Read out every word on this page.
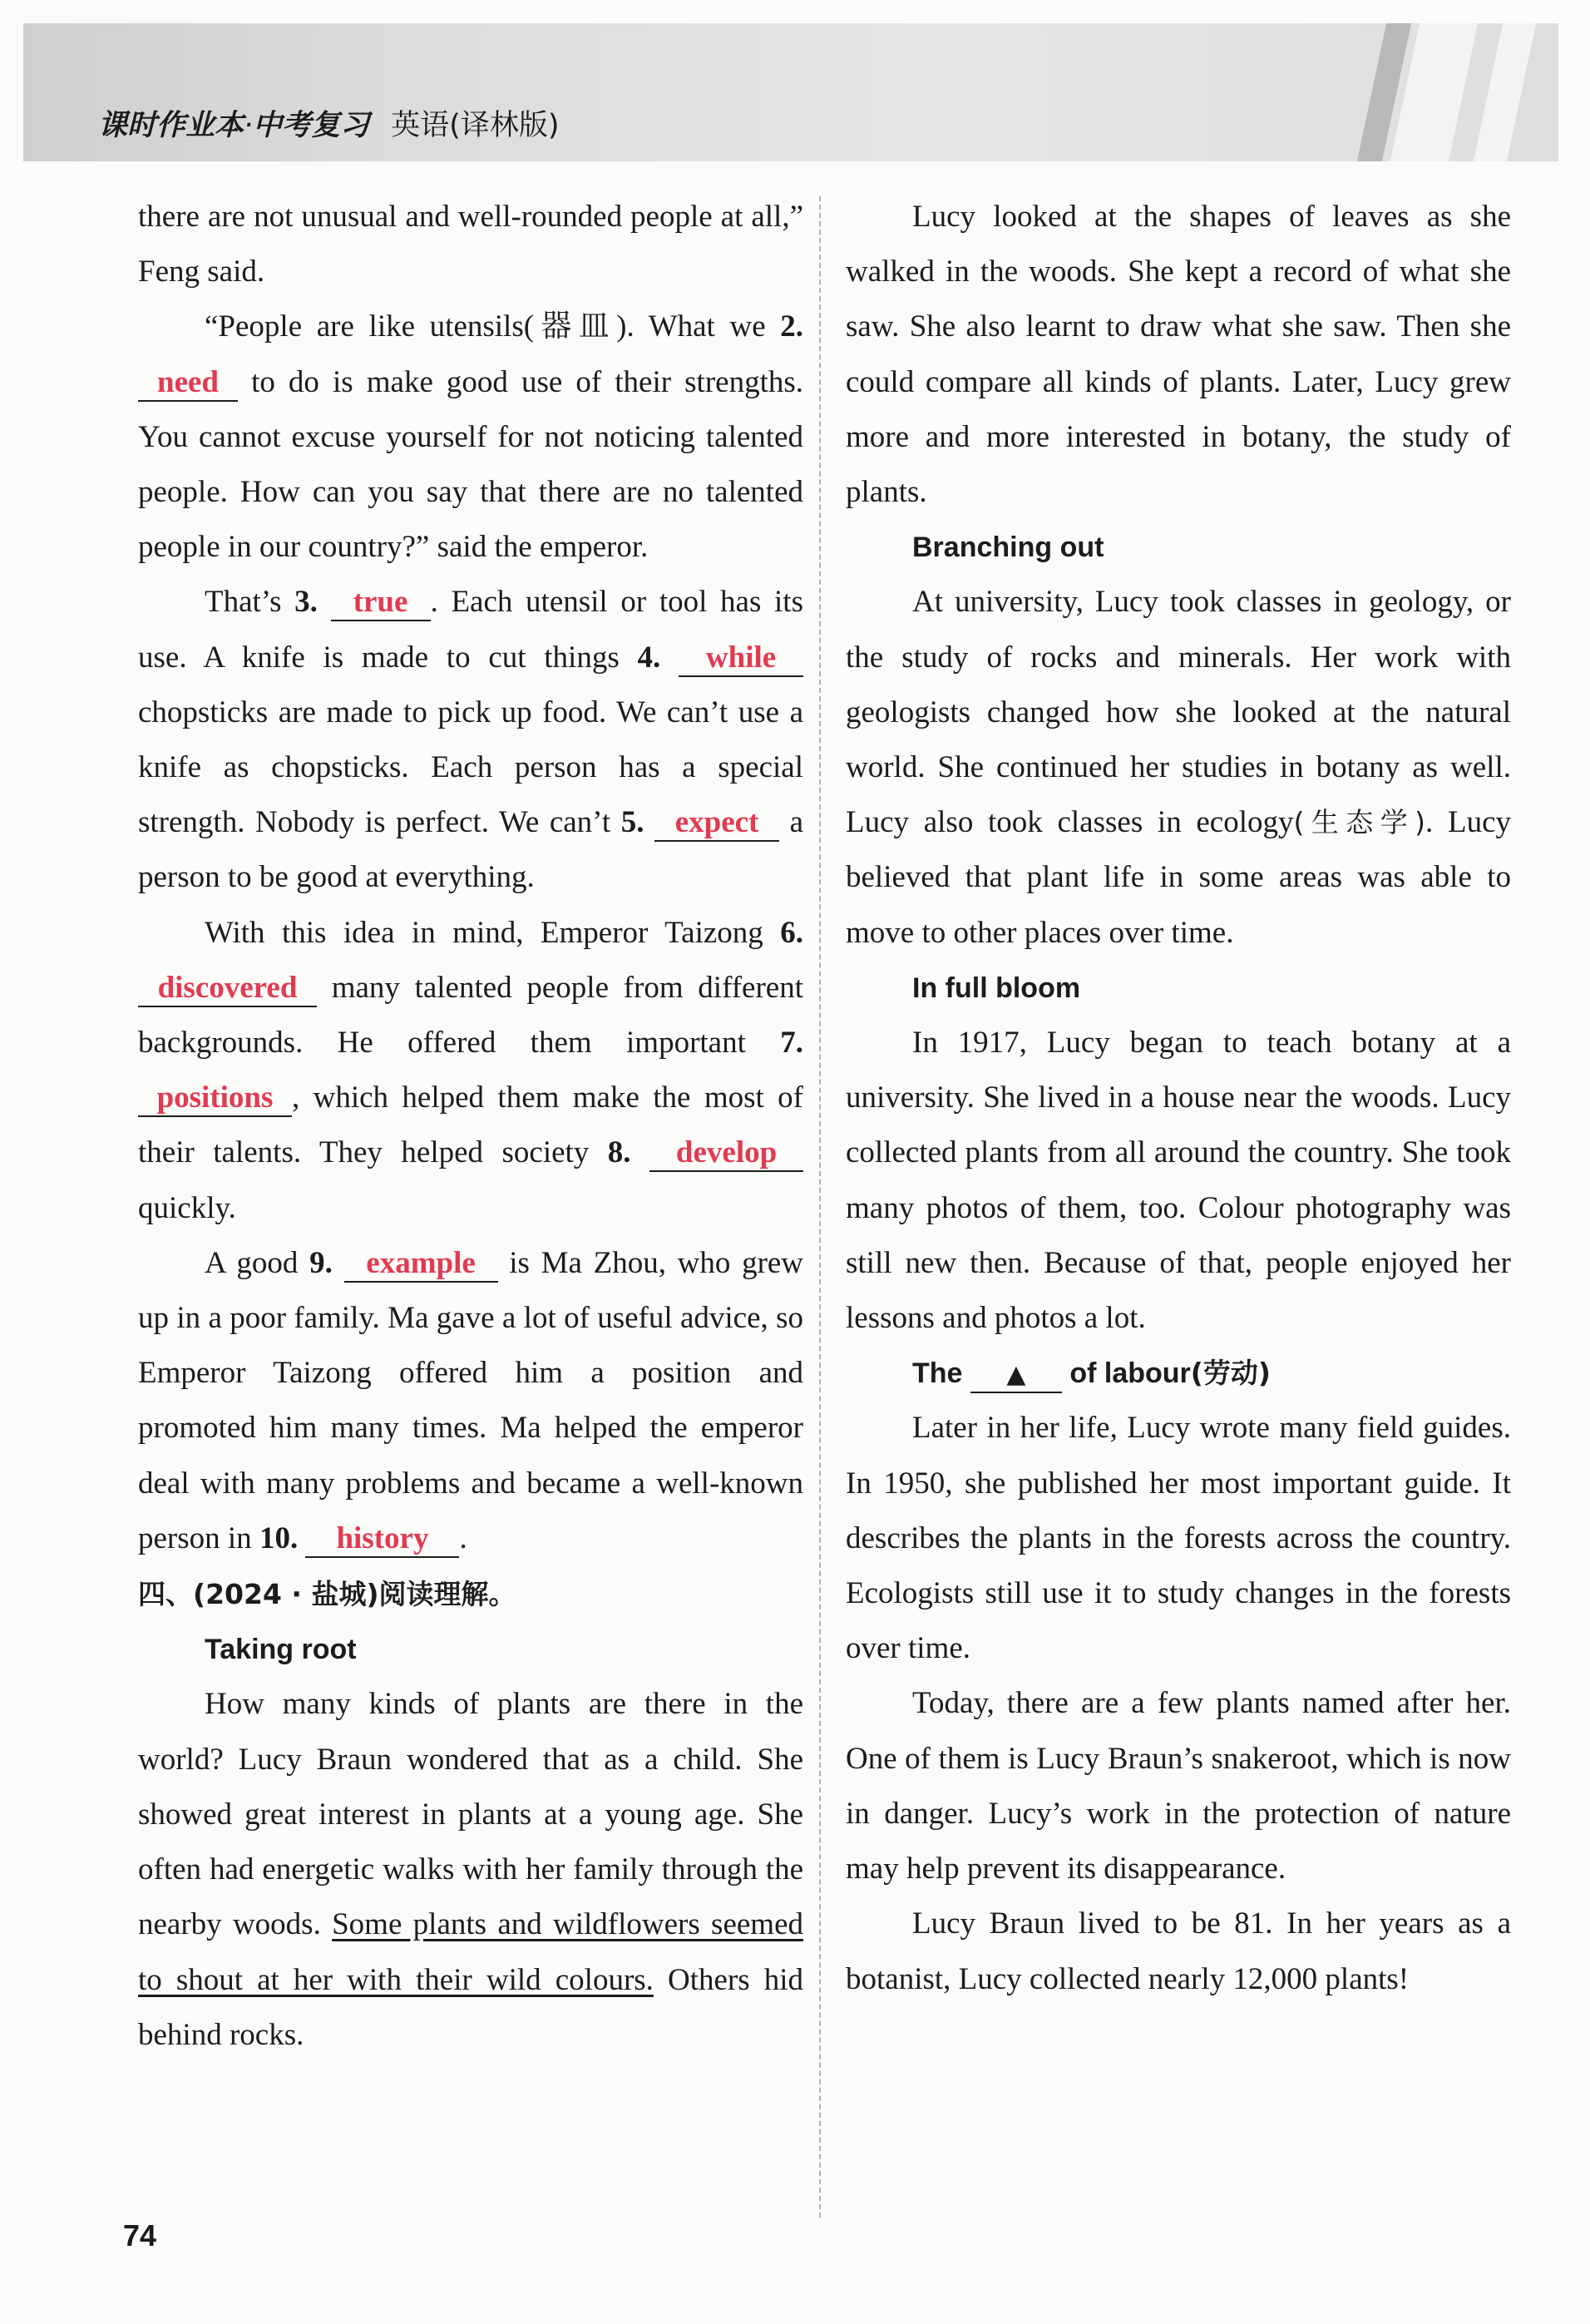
课时作业本·中考复习 英语(译林版)

there are not unusual and well-rounded people at all,” Feng said.

“People are like utensils(器皿). What we 2. need to do is make good use of their strengths. You cannot excuse yourself for not noticing talented people. How can you say that there are no talented people in our country?” said the emperor.

That’s 3. true . Each utensil or tool has its use. A knife is made to cut things 4. while chopsticks are made to pick up food. We can’t use a knife as chopsticks. Each person has a special strength. Nobody is perfect. We can’t 5. expect a person to be good at everything.

With this idea in mind, Emperor Taizong 6. discovered many talented people from different backgrounds. He offered them important 7. positions , which helped them make the most of their talents. They helped society 8. develop quickly.

A good 9. example is Ma Zhou, who grew up in a poor family. Ma gave a lot of useful advice, so Emperor Taizong offered him a position and promoted him many times. Ma helped the emperor deal with many problems and became a well-known person in 10. history .

四、(2024 · 盐城)阅读理解。

Taking root

How many kinds of plants are there in the world? Lucy Braun wondered that as a child. She showed great interest in plants at a young age. She often had energetic walks with her family through the nearby woods. Some plants and wildflowers seemed to shout at her with their wild colours. Others hid behind rocks.

Lucy looked at the shapes of leaves as she walked in the woods. She kept a record of what she saw. She also learnt to draw what she saw. Then she could compare all kinds of plants. Later, Lucy grew more and more interested in botany, the study of plants.

Branching out

At university, Lucy took classes in geology, or the study of rocks and minerals. Her work with geologists changed how she looked at the natural world. She continued her studies in botany as well. Lucy also took classes in ecology(生态学). Lucy believed that plant life in some areas was able to move to other places over time.

In full bloom

In 1917, Lucy began to teach botany at a university. She lived in a house near the woods. Lucy collected plants from all around the country. She took many photos of them, too. Colour photography was still new then. Because of that, people enjoyed her lessons and photos a lot.

The ▲ of labour(劳动)

Later in her life, Lucy wrote many field guides. In 1950, she published her most important guide. It describes the plants in the forests across the country. Ecologists still use it to study changes in the forests over time.

Today, there are a few plants named after her. One of them is Lucy Braun’s snakeroot, which is now in danger. Lucy’s work in the protection of nature may help prevent its disappearance.

Lucy Braun lived to be 81. In her years as a botanist, Lucy collected nearly 12,000 plants!

74
